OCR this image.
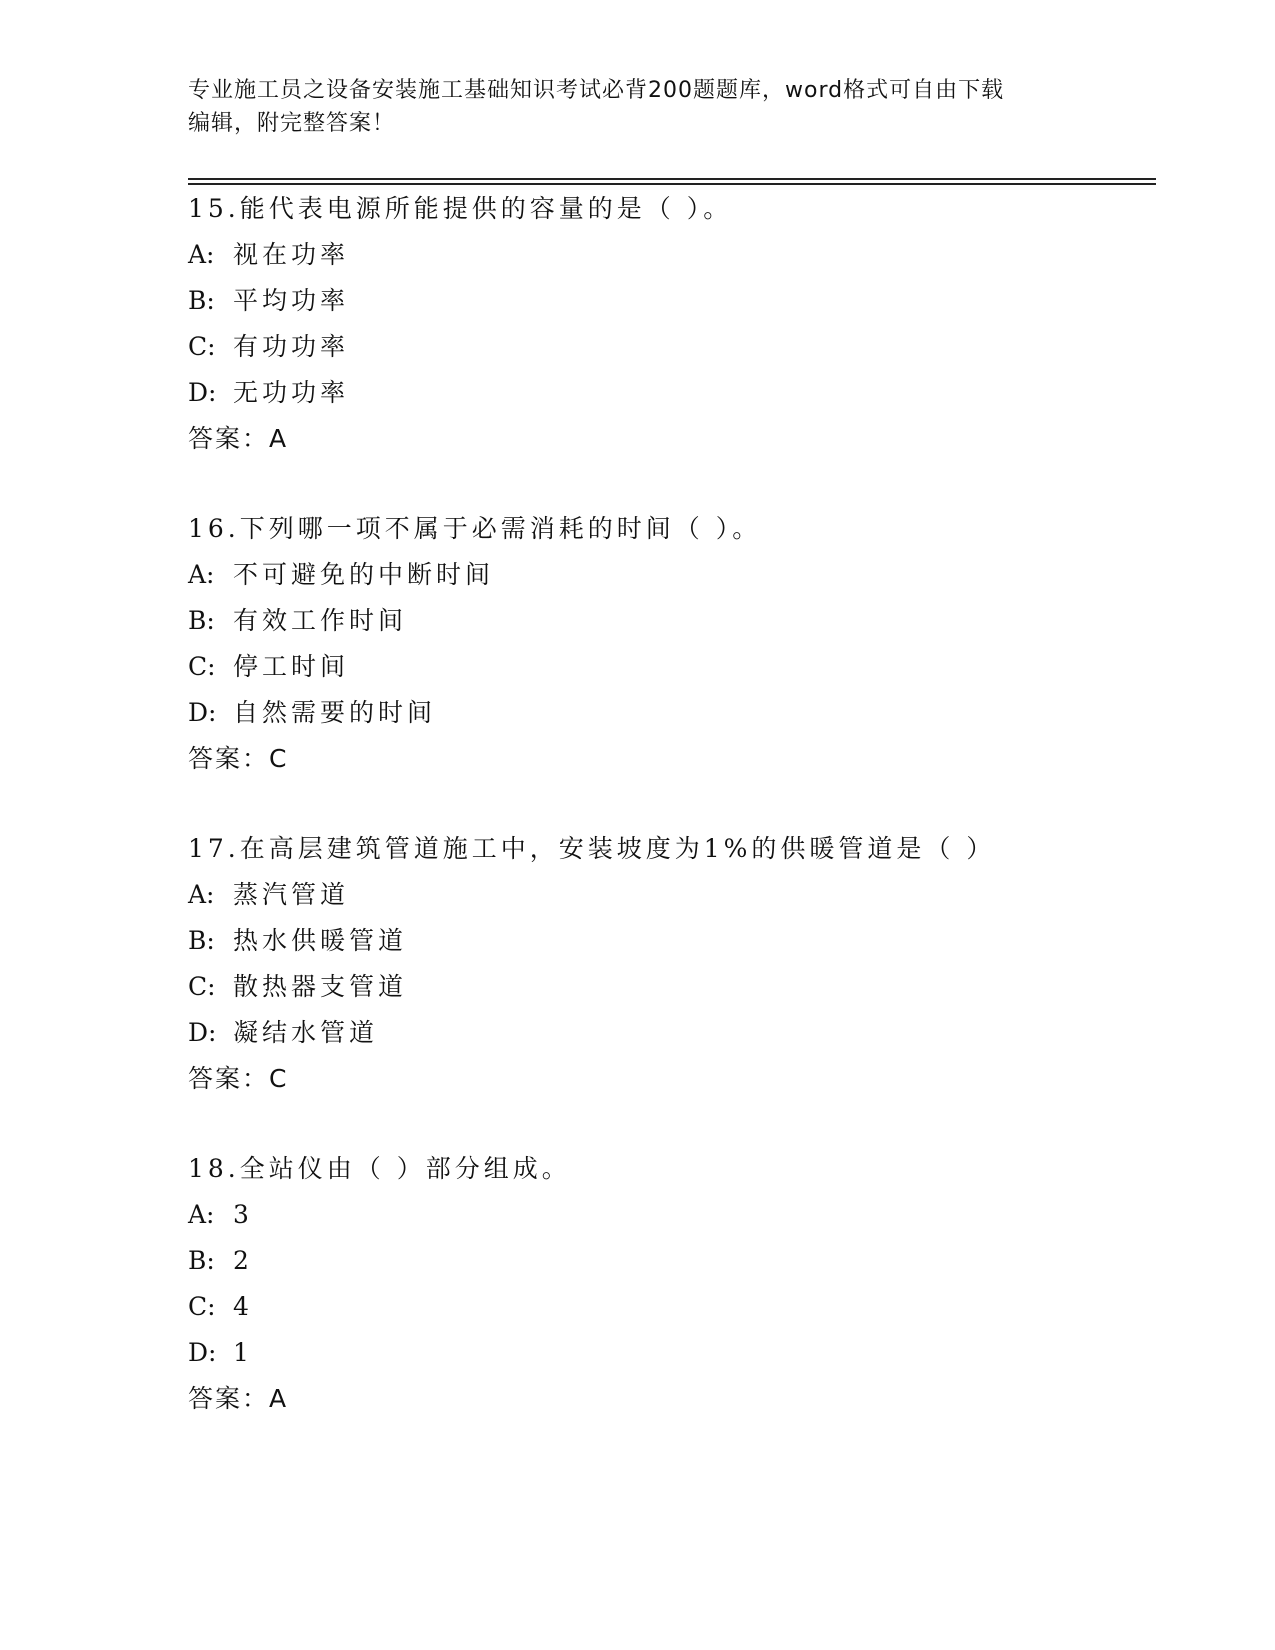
专业施工员之设备安装施工基础知识考试必背200题题库，word格式可自由下载
编辑，附完整答案！
15.能代表电源所能提供的容量的是（ ）。
A: 视在功率
B: 平均功率
C: 有功功率
D: 无功功率
答案：A
16.下列哪一项不属于必需消耗的时间（ ）。
A: 不可避免的中断时间
B: 有效工作时间
C: 停工时间
D: 自然需要的时间
答案：C
17.在高层建筑管道施工中，安装坡度为1%的供暖管道是（ ）
A: 蒸汽管道
B: 热水供暖管道
C: 散热器支管道
D: 凝结水管道
答案：C
18.全站仪由（ ）部分组成。
A: 3
B: 2
C: 4
D: 1
答案：A
